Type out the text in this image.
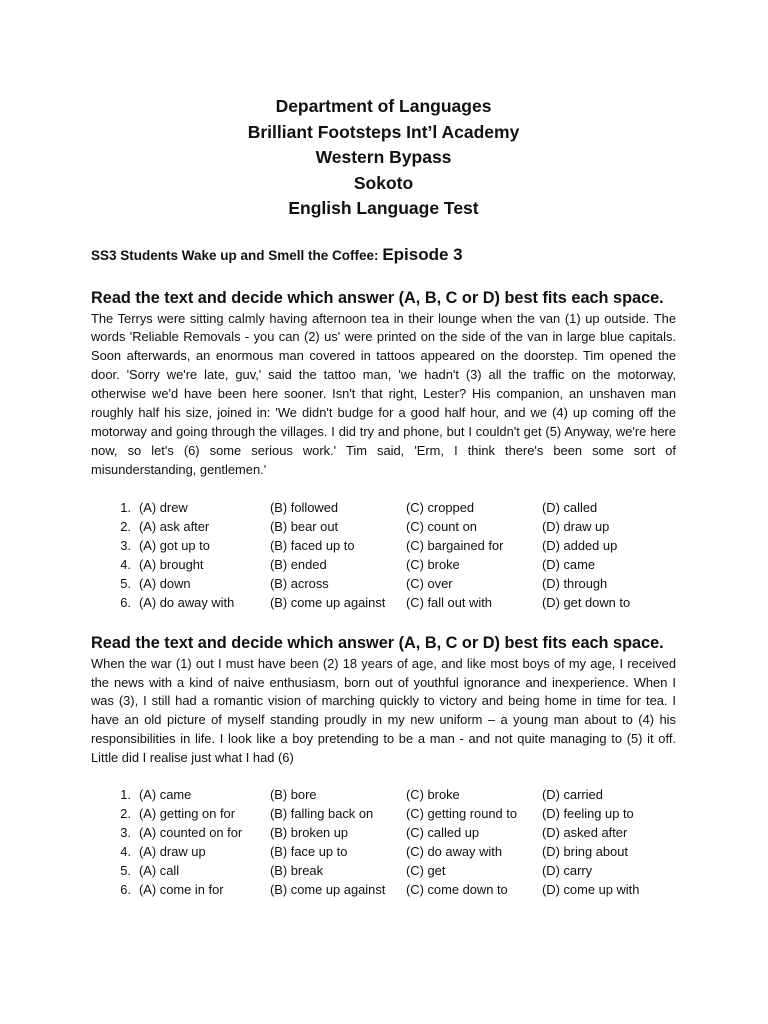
Department of Languages
Brilliant Footsteps Int’l Academy
Western Bypass
Sokoto
English Language Test
SS3 Students Wake up and Smell the Coffee: Episode 3
Read the text and decide which answer (A, B, C or D) best fits each space.
The Terrys were sitting calmly having afternoon tea in their lounge when the van (1) up outside. The words 'Reliable Removals - you can (2) us' were printed on the side of the van in large blue capitals. Soon afterwards, an enormous man covered in tattoos appeared on the doorstep. Tim opened the door. 'Sorry we're late, guv,' said the tattoo man, 'we hadn't (3) all the traffic on the motorway, otherwise we'd have been here sooner. Isn't that right, Lester? His companion, an unshaven man roughly half his size, joined in: 'We didn't budge for a good half hour, and we (4) up coming off the motorway and going through the villages. I did try and phone, but I couldn't get (5) Anyway, we're here now, so let's (6) some serious work.' Tim said, 'Erm, I think there's been some sort of misunderstanding, gentlemen.'
1. (A) drew	(B) followed	(C) cropped	(D) called
2. (A) ask after	(B) bear out	(C) count on	(D) draw up
3. (A) got up to	(B) faced up to	(C) bargained for	(D) added up
4. (A) brought	(B) ended	(C) broke	(D) came
5. (A) down	(B) across	(C) over	(D) through
6. (A) do away with	(B) come up against	(C) fall out with	(D) get down to
Read the text and decide which answer (A, B, C or D) best fits each space.
When the war (1) out I must have been (2) 18 years of age, and like most boys of my age, I received the news with a kind of naive enthusiasm, born out of youthful ignorance and inexperience. When I was (3), I still had a romantic vision of marching quickly to victory and being home in time for tea. I have an old picture of myself standing proudly in my new uniform – a young man about to (4) his responsibilities in life. I look like a boy pretending to be a man - and not quite managing to (5) it off. Little did I realise just what I had (6)
1. (A) came	(B) bore	(C) broke	(D) carried
2. (A) getting on for	(B) falling back on	(C) getting round to	(D) feeling up to
3. (A) counted on for	(B) broken up	(C) called up	(D) asked after
4. (A) draw up	(B) face up to	(C) do away with	(D) bring about
5. (A) call	(B) break	(C) get	(D) carry
6. (A) come in for	(B) come up against	(C) come down to	(D) come up with
